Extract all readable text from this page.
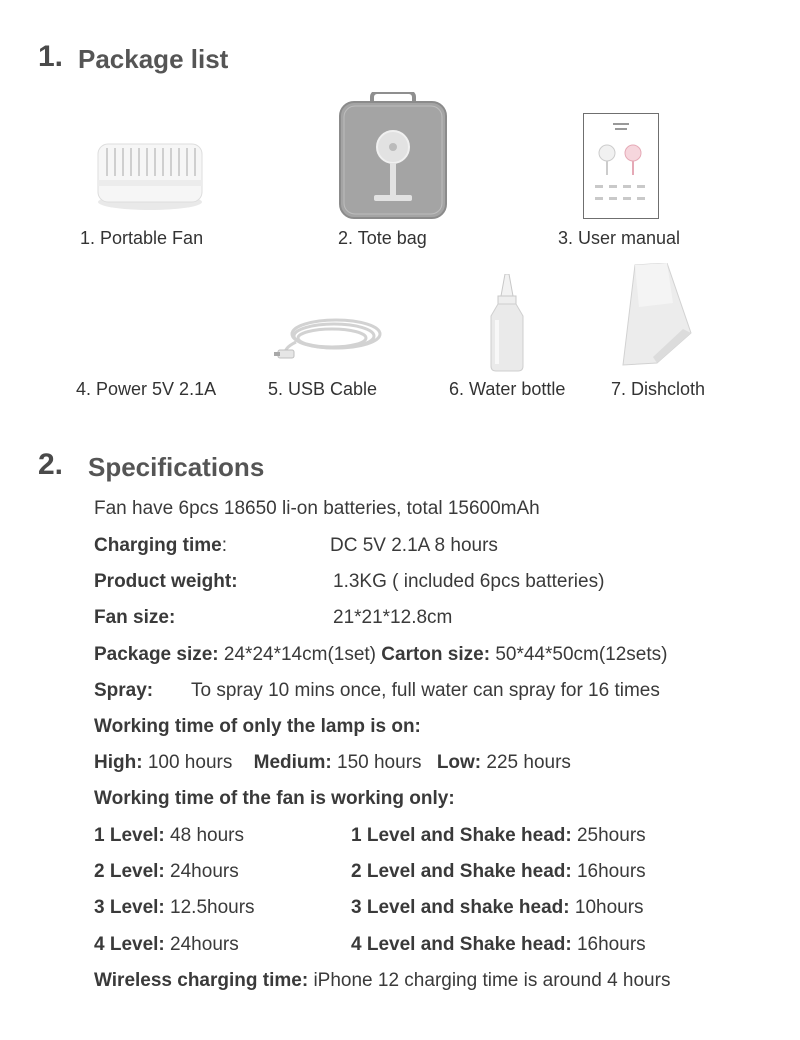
1. Package list
1. Portable Fan	2. Tote bag	3. User manual
4. Power 5V 2.1A	5. USB Cable	6. Water bottle	7. Dishcloth
2. Specifications
Fan have 6pcs 18650 li-on batteries, total 15600mAh
Charging time:	DC 5V 2.1A 8 hours
Product weight:	1.3KG ( included 6pcs batteries)
Fan size:	21*21*12.8cm
Package size: 24*24*14cm(1set) Carton size: 50*44*50cm(12sets)
Spray: To spray 10 mins once, full water can spray for 16 times
Working time of only the lamp is on:
High: 100 hours Medium: 150 hours Low: 225 hours
Working time of the fan is working only:
1 Level: 48 hours	1 Level and Shake head: 25hours
2 Level: 24hours	2 Level and Shake head: 16hours
3 Level: 12.5hours	3 Level and shake head: 10hours
4 Level: 24hours	4 Level and Shake head: 16hours
Wireless charging time: iPhone 12 charging time is around 4 hours
